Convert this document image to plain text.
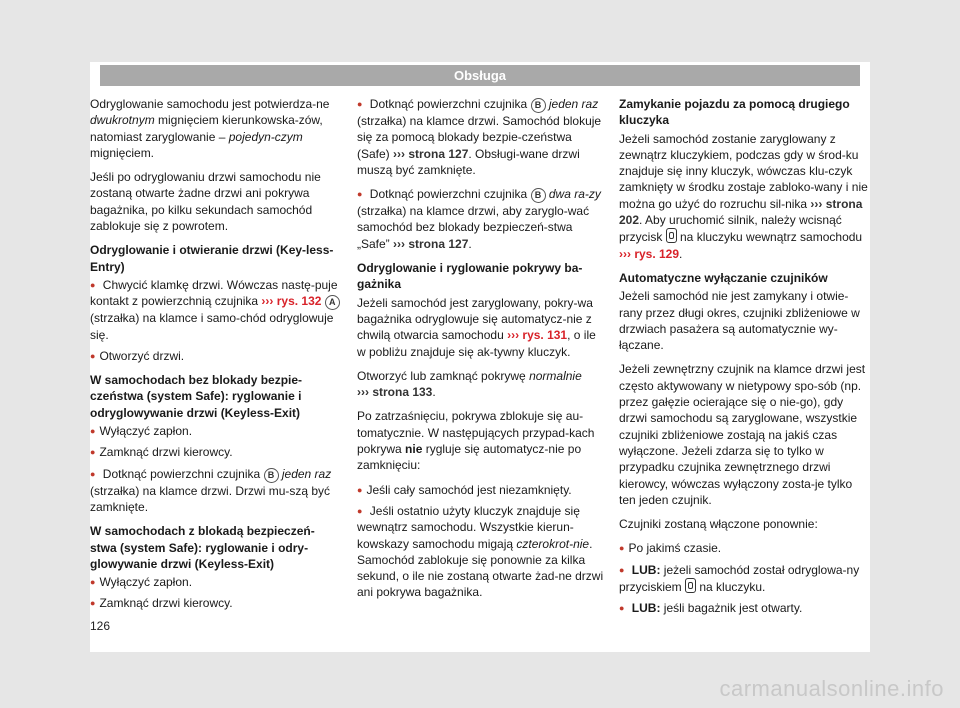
Obsługa

Odryglowanie samochodu jest potwierdza-ne dwukrotnym mignięciem kierunkowska-zów, natomiast zaryglowanie – pojedyn-czym mignięciem.

Jeśli po odryglowaniu drzwi samochodu nie zostaną otwarte żadne drzwi ani pokrywa bagażnika, po kilku sekundach samochód zablokuje się z powrotem.

Odryglowanie i otwieranie drzwi (Key-less-Entry)

● Chwycić klamkę drzwi. Wówczas nastę-puje kontakt z powierzchnią czujnika ››› rys. 132 A (strzałka) na klamce i samo-chód odryglowuje się.

● Otworzyć drzwi.

W samochodach bez blokady bezpie-czeństwa (system Safe): ryglowanie i odryglowywanie drzwi (Keyless-Exit)

● Wyłączyć zapłon.

● Zamknąć drzwi kierowcy.

● Dotknąć powierzchni czujnika B jeden raz (strzałka) na klamce drzwi. Drzwi mu-szą być zamknięte.

W samochodach z blokadą bezpieczeń-stwa (system Safe): ryglowanie i odry-glowywanie drzwi (Keyless-Exit)

● Wyłączyć zapłon.

● Zamknąć drzwi kierowcy.

● Dotknąć powierzchni czujnika B jeden raz (strzałka) na klamce drzwi. Samochód blokuje się za pomocą blokady bezpie-czeństwa (Safe) ››› strona 127. Obsługi-wane drzwi muszą być zamknięte.

● Dotknąć powierzchni czujnika B dwa ra-zy (strzałka) na klamce drzwi, aby zaryglo-wać samochód bez blokady bezpieczeń-stwa „Safe” ››› strona 127.

Odryglowanie i ryglowanie pokrywy ba-gażnika

Jeżeli samochód jest zaryglowany, pokry-wa bagażnika odryglowuje się automatycz-nie z chwilą otwarcia samochodu ››› rys. 131, o ile w pobliżu znajduje się ak-tywny kluczyk.

Otworzyć lub zamknąć pokrywę normalnie
››› strona 133.

Po zatrzaśnięciu, pokrywa zblokuje się au-tomatycznie. W następujących przypad-kach pokrywa nie rygluje się automatycz-nie po zamknięciu:

● Jeśli cały samochód jest niezamknięty.

● Jeśli ostatnio użyty kluczyk znajduje się wewnątrz samochodu. Wszystkie kierun-kowskazy samochodu migają czterokrot-nie. Samochód zablokuje się ponownie za kilka sekund, o ile nie zostaną otwarte żad-ne drzwi ani pokrywa bagażnika.

Zamykanie pojazdu za pomocą drugiego kluczyka

Jeżeli samochód zostanie zaryglowany z zewnątrz kluczykiem, podczas gdy w środ-ku znajduje się inny kluczyk, wówczas klu-czyk zamknięty w środku zostaje zabloko-wany i nie można go użyć do rozruchu sil-nika ››› strona 202. Aby uruchomić silnik, należy wcisnąć przycisk  na kluczyku wewnątrz samochodu ››› rys. 129.

Automatyczne wyłączanie czujników

Jeżeli samochód nie jest zamykany i otwie-rany przez długi okres, czujniki zbliżeniowe w drzwiach pasażera są automatycznie wy-łączane.

Jeżeli zewnętrzny czujnik na klamce drzwi jest często aktywowany w nietypowy spo-sób (np. przez gałęzie ocierające się o nie-go), gdy drzwi samochodu są zaryglowane, wszystkie czujniki zbliżeniowe zostają na jakiś czas wyłączone. Jeżeli zdarza się to tylko w przypadku czujnika zewnętrznego drzwi kierowcy, wówczas wyłączony zosta-je tylko ten jeden czujnik.

Czujniki zostaną włączone ponownie:

● Po jakimś czasie.

● LUB: jeżeli samochód został odryglowa-ny przyciskiem  na kluczyku.

● LUB: jeśli bagażnik jest otwarty.

126
carmanualsonline.info
